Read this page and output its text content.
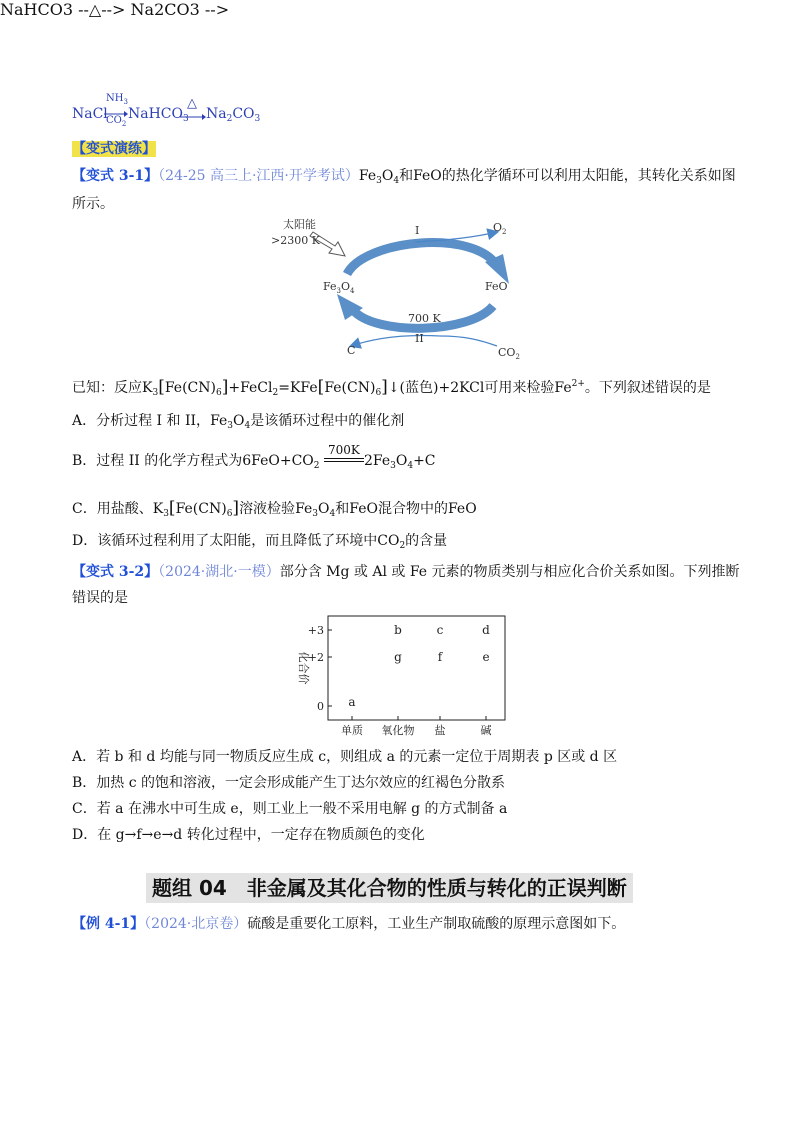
NaHCO3 --△--> Na2CO3 -->
NaCl
$NH_3$
$CO_2$
NaHCO$_3$
△
$Na_2CO_3$
【变式演练】
【变式 3-1】（24-25 高三上·江西·开学考试）$Fe_3O_4$和FeO的热化学循环可以利用太阳能，其转化关系如图
所示。
太阳能
>2300 K
I	$O_2$
$Fe_3O_4$	FeO
700 K
II
C	$CO_2$
已知：反应$K_3[Fe(CN)_6]+FeCl_2=KFe[Fe(CN)_6]↓$(蓝色)+2KCl可用来检验$Fe^{2+}$。下列叙述错误的是
A．分析过程 I 和 II，$Fe_3O_4$是该循环过程中的催化剂
B．过程 II 的化学方程式为$6FeO+CO_2$
700K
$2Fe_3O_4+C$
C．用盐酸、$K_3[Fe(CN)_6]$溶液检验$Fe_3O_4$和FeO混合物中的FeO
D．该循环过程利用了太阳能，而且降低了环境中$CO_2$的含量
【变式 3-2】（2024·湖北·一模）部分含 Mg 或 Al 或 Fe 元素的物质类别与相应化合价关系如图。下列推断
错误的是
+3
+2
0
单质 氧化物 盐	碱
化合价
a
b
g
c
f
d
e
A．若 b 和 d 均能与同一物质反应生成 c，则组成 a 的元素一定位于周期表 p 区或 d 区
B．加热 c 的饱和溶液，一定会形成能产生丁达尔效应的红褐色分散系
C．若 a 在沸水中可生成 e，则工业上一般不采用电解 g 的方式制备 a
D．在 g→f→e→d 转化过程中，一定存在物质颜色的变化
题组 04　非金属及其化合物的性质与转化的正误判断
【例 4-1】（2024·北京卷）硫酸是重要化工原料，工业生产制取硫酸的原理示意图如下。
